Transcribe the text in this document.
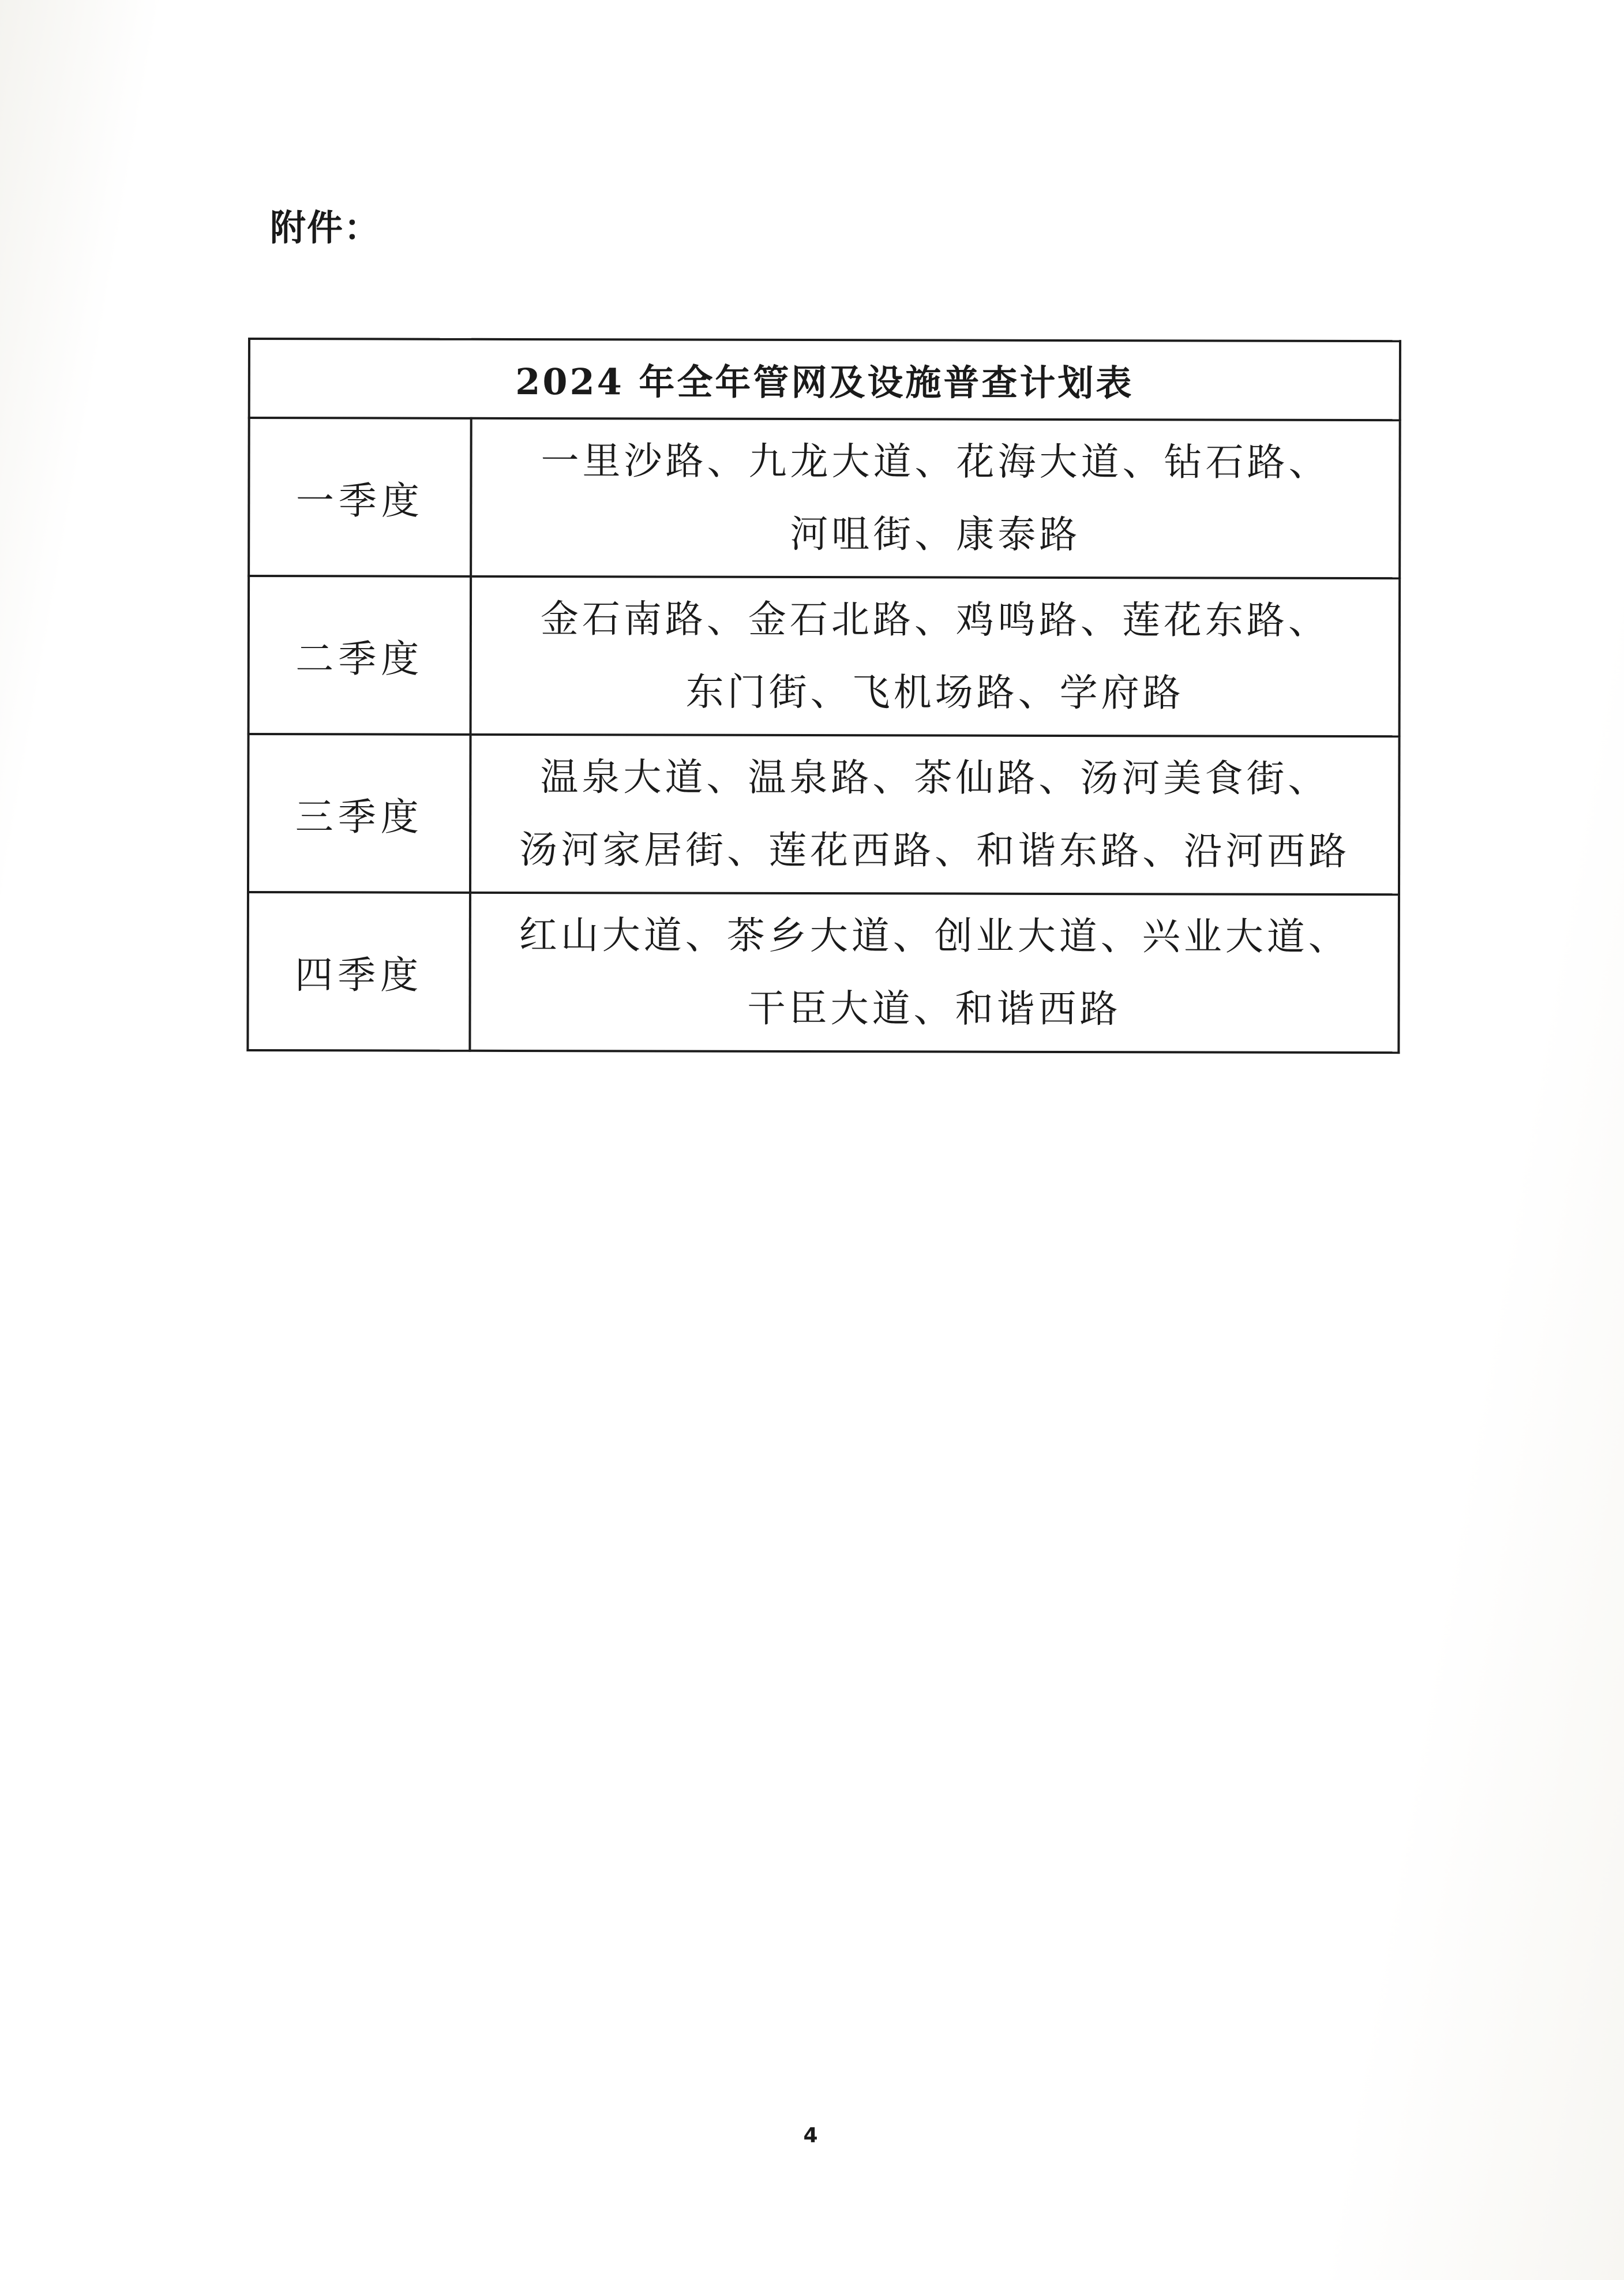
附件：
2024 年全年管网及设施普查计划表	
一季度	一里沙路、九龙大道、花海大道、钻石路、
河咀街、康泰路

二季度	金石南路、金石北路、鸡鸣路、莲花东路、
东门街、飞机场路、学府路

三季度	温泉大道、温泉路、茶仙路、汤河美食街、
汤河家居街、莲花西路、和谐东路、沿河西路

四季度	红山大道、茶乡大道、创业大道、兴业大道、
干臣大道、和谐西路
4
